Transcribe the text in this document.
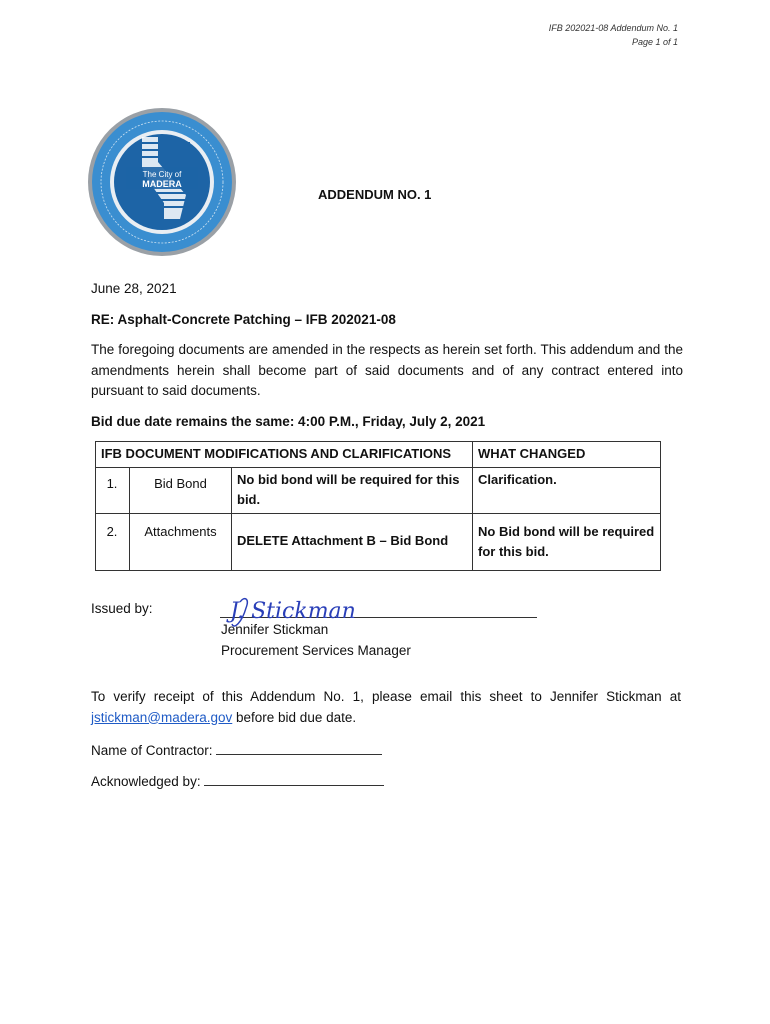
IFB 202021-08 Addendum No. 1
Page 1 of 1
The City of
MADERA
ADDENDUM NO. 1
June 28, 2021
RE: Asphalt-Concrete Patching – IFB 202021-08
The foregoing documents are amended in the respects as herein set forth. This addendum and the amendments herein shall become part of said documents and of any contract entered into pursuant to said documents.
Bid due date remains the same: 4:00 P.M., Friday, July 2, 2021
IFB DOCUMENT MODIFICATIONS AND CLARIFICATIONS			WHAT CHANGED
1.	Bid Bond	No bid bond will be required for this bid.	Clarification.
2.	Attachments	DELETE Attachment B – Bid Bond	No Bid bond will be required for this bid.
Issued by:	J. Stickman
Jennifer Stickman
Procurement Services Manager
To verify receipt of this Addendum No. 1, please email this sheet to Jennifer Stickman at jstickman@madera.gov before bid due date.
Name of Contractor:
Acknowledged by:
